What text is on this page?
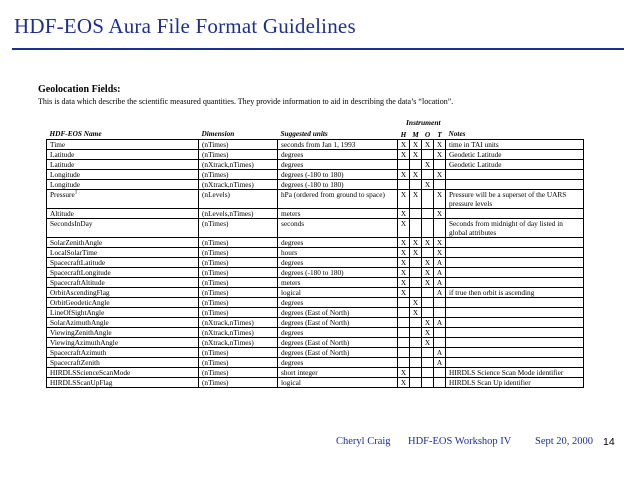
HDF-EOS Aura File Format Guidelines
Geolocation Fields:
This is data which describe the scientific measured quantities. They provide information to aid in describing the data’s “location”.
Instrument
HDF-EOS Name	Dimension	Suggested units	H	M	O	T	Notes
Time	(nTimes)	seconds from Jan 1, 1993	X	X	X	X	time in TAI units
Latitude	(nTimes)	degrees	X	X		X	Geodetic Latitude
Latitude	(nXtrack,nTimes)	degrees			X		Geodetic Latitude
Longitude	(nTimes)	degrees (-180 to 180)	X	X		X	
Longitude	(nXtrack,nTimes)	degrees (-180 to 180)			X		
Pressure$^1$	(nLevels)	hPa (ordered from ground to space)	X	X		X	Pressure will be a superset of the UARS pressure levels
Altitude	(nLevels,nTimes)	meters	X			X	
SecondsInDay	(nTimes)	seconds	X				Seconds from midnight of day listed in global attributes
SolarZenithAngle	(nTimes)	degrees	X	X	X	X	
LocalSolarTime	(nTimes)	hours	X	X		X	
SpacecraftLatitude	(nTimes)	degrees	X		X	A	
SpacecraftLongitude	(nTimes)	degrees (-180 to 180)	X		X	A	
SpacecraftAltitude	(nTimes)	meters	X		X	A	
OrbitAscendingFlag	(nTimes)	logical	X			A	if true then orbit is ascending
OrbitGeodeticAngle	(nTimes)	degrees		X			
LineOfSightAngle	(nTimes)	degrees (East of North)		X			
SolarAzimuthAngle	(nXtrack,nTimes)	degrees (East of North)			X	A	
ViewingZenithAngle	(nXtrack,nTimes)	degrees			X		
ViewingAzimuthAngle	(nXtrack,nTimes)	degrees (East of North)			X		
SpacecraftAzimuth	(nTimes)	degrees (East of North)				A	
SpacecraftZenith	(nTimes)	degrees				A	
HIRDLSScienceScanMode	(nTimes)	short integer	X				HIRDLS Science Scan Mode identifier
HIRDLSScanUpFlag	(nTimes)	logical	X				HIRDLS Scan Up identifier
Cheryl Craig HDF-EOS Workshop IV Sept 20, 2000 14
